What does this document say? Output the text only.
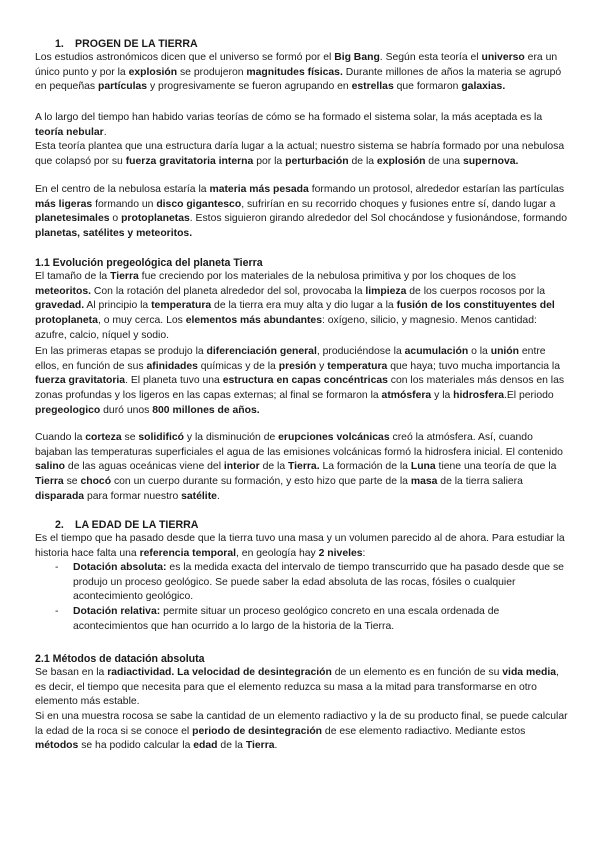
1. PROGEN DE LA TIERRA

Los estudios astronómicos dicen que el universo se formó por el Big Bang. Según esta teoría el universo era un único punto y por la explosión se produjeron magnitudes físicas. Durante millones de años la materia se agrupó en pequeñas partículas y progresivamente se fueron agrupando en estrellas que formaron galaxias.

A lo largo del tiempo han habido varias teorías de cómo se ha formado el sistema solar, la más aceptada es la teoría nebular.

Esta teoría plantea que una estructura daría lugar a la actual; nuestro sistema se habría formado por una nebulosa que colapsó por su fuerza gravitatoria interna por la perturbación de la explosión de una supernova.

En el centro de la nebulosa estaría la materia más pesada formando un protosol, alrededor estarían las partículas más ligeras formando un disco gigantesco, sufrirían en su recorrido choques y fusiones entre sí, dando lugar a planetesimales o protoplanetas. Estos siguieron girando alrededor del Sol chocándose y fusionándose, formando planetas, satélites y meteoritos.

1.1 Evolución pregeológica del planeta Tierra

El tamaño de la Tierra fue creciendo por los materiales de la nebulosa primitiva y por los choques de los meteoritos. Con la rotación del planeta alrededor del sol, provocaba la limpieza de los cuerpos rocosos por la gravedad. Al principio la temperatura de la tierra era muy alta y dio lugar a la fusión de los constituyentes del protoplaneta, o muy cerca. Los elementos más abundantes: oxígeno, silicio, y magnesio. Menos cantidad: azufre, calcio, níquel y sodio.

En las primeras etapas se produjo la diferenciación general, produciéndose la acumulación o la unión entre ellos, en función de sus afinidades químicas y de la presión y temperatura que haya; tuvo mucha importancia la fuerza gravitatoria. El planeta tuvo una estructura en capas concéntricas con los materiales más densos en las zonas profundas y los ligeros en las capas externas; al final se formaron la atmósfera y la hidrosfera.El periodo pregeologico duró unos 800 millones de años.

Cuando la corteza se solidificó y la disminución de erupciones volcánicas creó la atmósfera. Así, cuando bajaban las temperaturas superficiales el agua de las emisiones volcánicas formó la hidrosfera inicial. El contenido salino de las aguas oceánicas viene del interior de la Tierra. La formación de la Luna tiene una teoría de que la Tierra se chocó con un cuerpo durante su formación, y esto hizo que parte de la masa de la tierra saliera disparada para formar nuestro satélite.

2. LA EDAD DE LA TIERRA

Es el tiempo que ha pasado desde que la tierra tuvo una masa y un volumen parecido al de ahora. Para estudiar la historia hace falta una referencia temporal, en geología hay 2 niveles:

- Dotación absoluta: es la medida exacta del intervalo de tiempo transcurrido que ha pasado desde que se produjo un proceso geológico. Se puede saber la edad absoluta de las rocas, fósiles o cualquier acontecimiento geológico.
- Dotación relativa: permite situar un proceso geológico concreto en una escala ordenada de acontecimientos que han ocurrido a lo largo de la historia de la Tierra.
2.1 Métodos de datación absoluta

Se basan en la radiactividad. La velocidad de desintegración de un elemento es en función de su vida media, es decir, el tiempo que necesita para que el elemento reduzca su masa a la mitad para transformarse en otro elemento más estable.

Si en una muestra rocosa se sabe la cantidad de un elemento radiactivo y la de su producto final, se puede calcular la edad de la roca si se conoce el periodo de desintegración de ese elemento radiactivo. Mediante estos métodos se ha podido calcular la edad de la Tierra.
